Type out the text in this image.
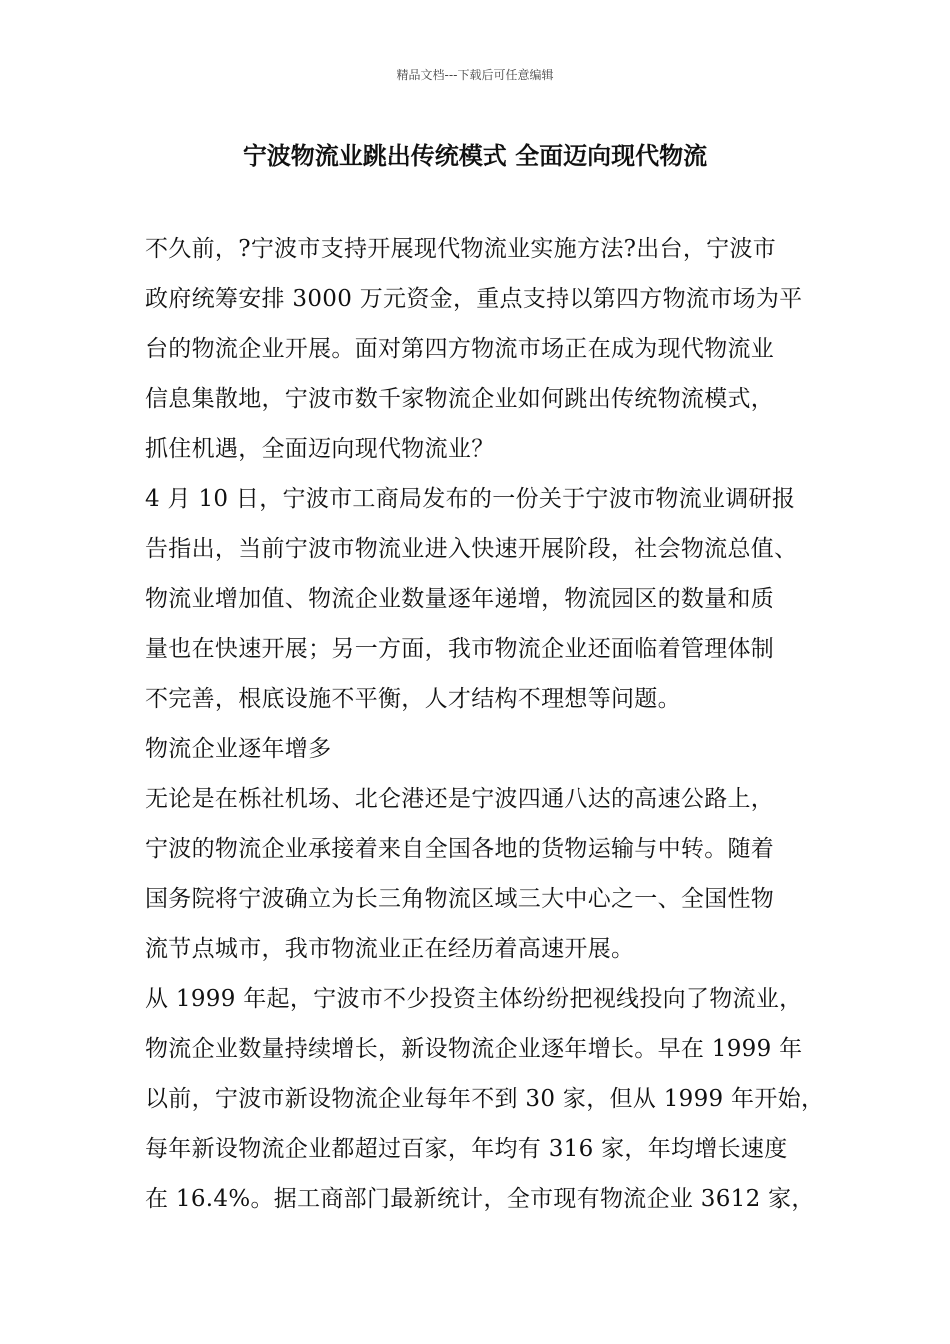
精品文档---下载后可任意编辑
宁波物流业跳出传统模式 全面迈向现代物流
不久前，?宁波市支持开展现代物流业实施方法?出台，宁波市
政府统筹安排 3000 万元资金，重点支持以第四方物流市场为平
台的物流企业开展。面对第四方物流市场正在成为现代物流业
信息集散地，宁波市数千家物流企业如何跳出传统物流模式，
抓住机遇，全面迈向现代物流业？
4 月 10 日，宁波市工商局发布的一份关于宁波市物流业调研报
告指出，当前宁波市物流业进入快速开展阶段，社会物流总值、
物流业增加值、物流企业数量逐年递增，物流园区的数量和质
量也在快速开展；另一方面，我市物流企业还面临着管理体制
不完善，根底设施不平衡，人才结构不理想等问题。
物流企业逐年增多
无论是在栎社机场、北仑港还是宁波四通八达的高速公路上，
宁波的物流企业承接着来自全国各地的货物运输与中转。随着
国务院将宁波确立为长三角物流区域三大中心之一、全国性物
流节点城市，我市物流业正在经历着高速开展。
从 1999 年起，宁波市不少投资主体纷纷把视线投向了物流业，
物流企业数量持续增长，新设物流企业逐年增长。早在 1999 年
以前，宁波市新设物流企业每年不到 30 家，但从 1999 年开始，
每年新设物流企业都超过百家，年均有 316 家，年均增长速度
在 16.4%。据工商部门最新统计，全市现有物流企业 3612 家，
